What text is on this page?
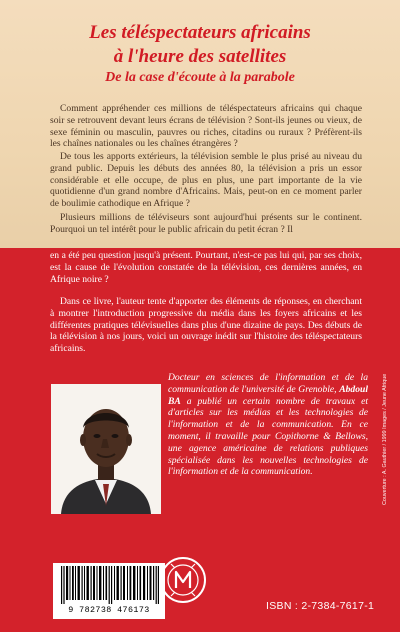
Les téléspectateurs africains
à l'heure des satellites
De la case d'écoute à la parabole

Comment appréhender ces millions de téléspectateurs africains qui chaque soir se retrouvent devant leurs écrans de télévision ? Sont-ils jeunes ou vieux, de sexe féminin ou masculin, pauvres ou riches, citadins ou ruraux ? Préfèrent-ils les chaînes nationales ou les chaînes étrangères ?

De tous les apports extérieurs, la télévision semble le plus prisé au niveau du grand public. Depuis les débuts des années 80, la télévision a pris un essor considérable et elle occupe, de plus en plus, une part importante de la vie quotidienne d'un grand nombre d'Africains. Mais, peut-on en ce moment parler de boulimie cathodique en Afrique ?

Plusieurs millions de téléviseurs sont aujourd'hui présents sur le continent. Pourquoi un tel intérêt pour le public africain du petit écran ? Il

en a été peu question jusqu'à présent. Pourtant, n'est-ce pas lui qui, par ses choix, est la cause de l'évolution constatée de la télévision, ces dernières années, en Afrique noire ?

Dans ce livre, l'auteur tente d'apporter des éléments de réponses, en cherchant à montrer l'introduction progressive du média dans les foyers africains et les différentes pratiques télévisuelles dans plus d'une dizaine de pays. Des débuts de la télévision à nos jours, voici un ouvrage inédit sur l'histoire des téléspectateurs africains.

Docteur en sciences de l'information et de la communication de l'université de Grenoble, Abdoul BA a publié un certain nombre de travaux et d'articles sur les médias et les technologies de l'information et de la communication. En ce moment, il travaille pour Copithorne & Bellows, une agence américaine de relations publiques spécialisée dans les nouvelles technologies de l'information et de la communication.

9 782738 476173	ISBN : 2-7384-7617-1
Couverture : A. Gauthier / 1999 Images / Jeune Afrique
